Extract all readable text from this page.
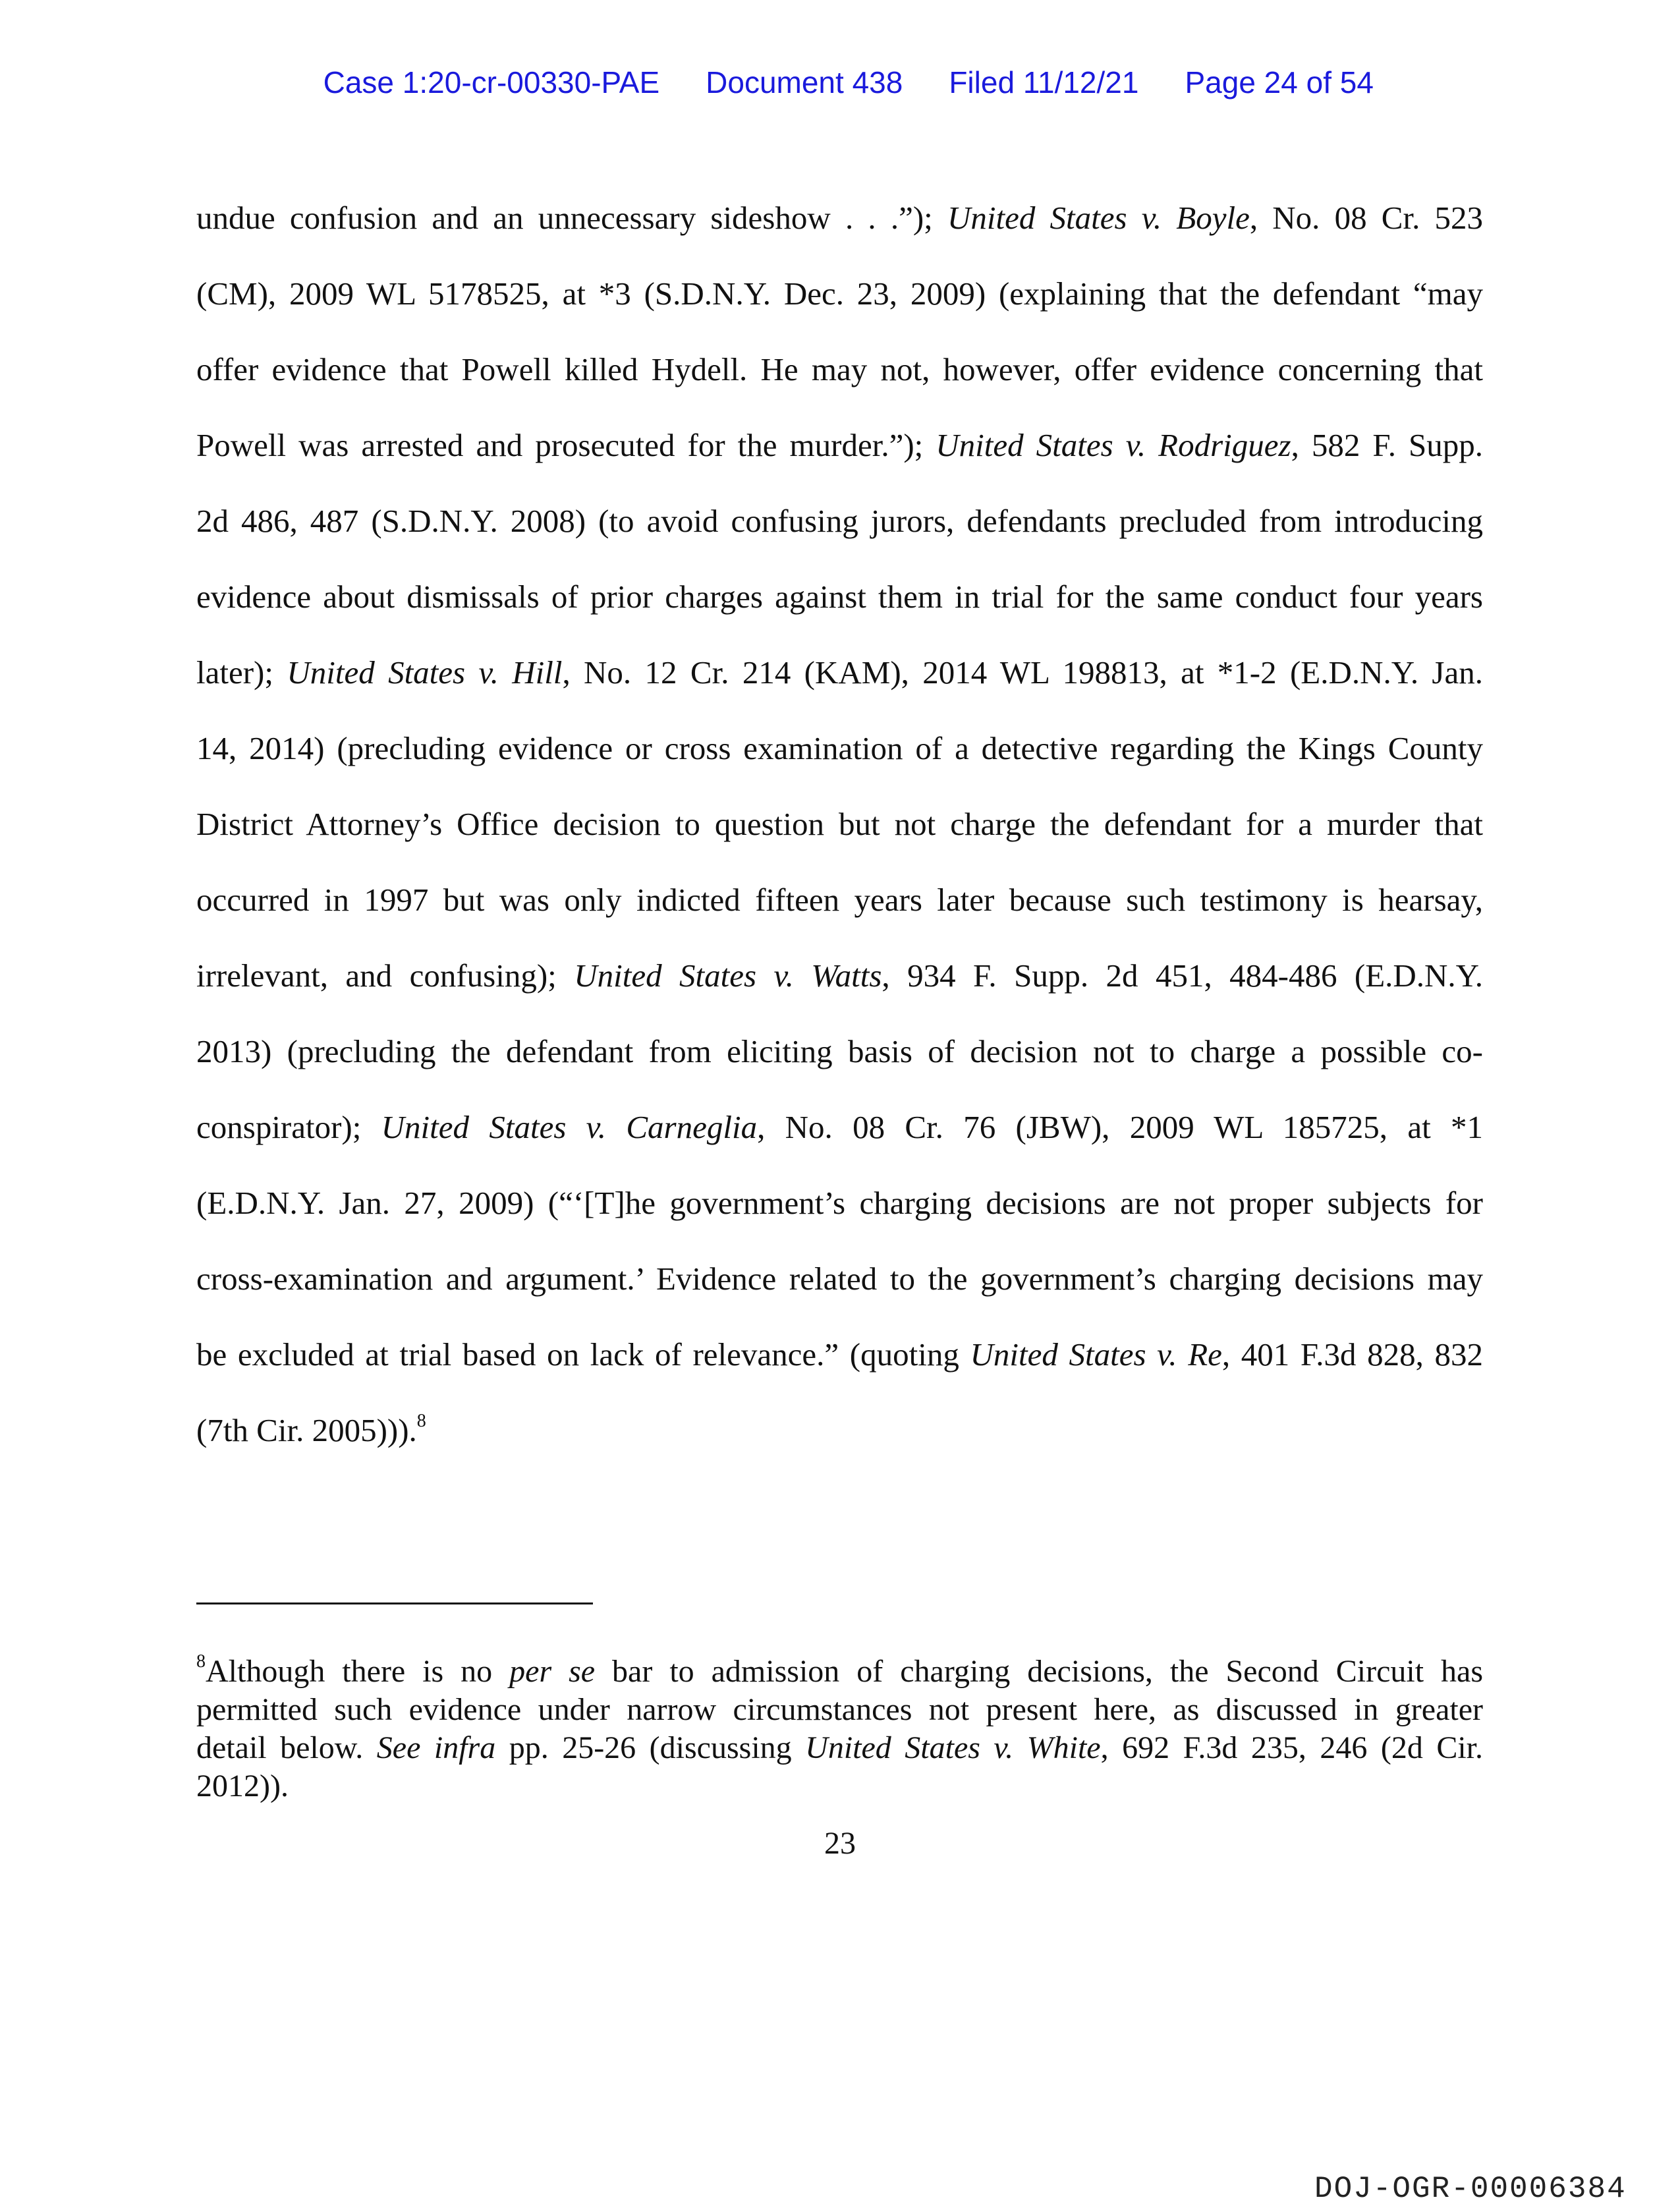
Case 1:20-cr-00330-PAE Document 438 Filed 11/12/21 Page 24 of 54

undue confusion and an unnecessary sideshow . . .”); United States v. Boyle, No. 08 Cr. 523
(CM), 2009 WL 5178525, at *3 (S.D.N.Y. Dec. 23, 2009) (explaining that the defendant “may
offer evidence that Powell killed Hydell. He may not, however, offer evidence concerning that
Powell was arrested and prosecuted for the murder.”); United States v. Rodriguez, 582 F. Supp.
2d 486, 487 (S.D.N.Y. 2008) (to avoid confusing jurors, defendants precluded from introducing
evidence about dismissals of prior charges against them in trial for the same conduct four years
later); United States v. Hill, No. 12 Cr. 214 (KAM), 2014 WL 198813, at *1-2 (E.D.N.Y. Jan.
14, 2014) (precluding evidence or cross examination of a detective regarding the Kings County
District Attorney’s Office decision to question but not charge the defendant for a murder that
occurred in 1997 but was only indicted fifteen years later because such testimony is hearsay,
irrelevant, and confusing); United States v. Watts, 934 F. Supp. 2d 451, 484-486 (E.D.N.Y.
2013) (precluding the defendant from eliciting basis of decision not to charge a possible co-
conspirator); United States v. Carneglia, No. 08 Cr. 76 (JBW), 2009 WL 185725, at *1
(E.D.N.Y. Jan. 27, 2009) (“‘[T]he government’s charging decisions are not proper subjects for
cross-examination and argument.’ Evidence related to the government’s charging decisions may
be excluded at trial based on lack of relevance.” (quoting United States v. Re, 401 F.3d 828, 832
(7th Cir. 2005))).$^8$
$^8$Although there is no per se bar to admission of charging decisions, the Second Circuit has
permitted such evidence under narrow circumstances not present here, as discussed in greater
detail below. See infra pp. 25-26 (discussing United States v. White, 692 F.3d 235, 246 (2d Cir.
2012)).
23
DOJ-OGR-00006384
